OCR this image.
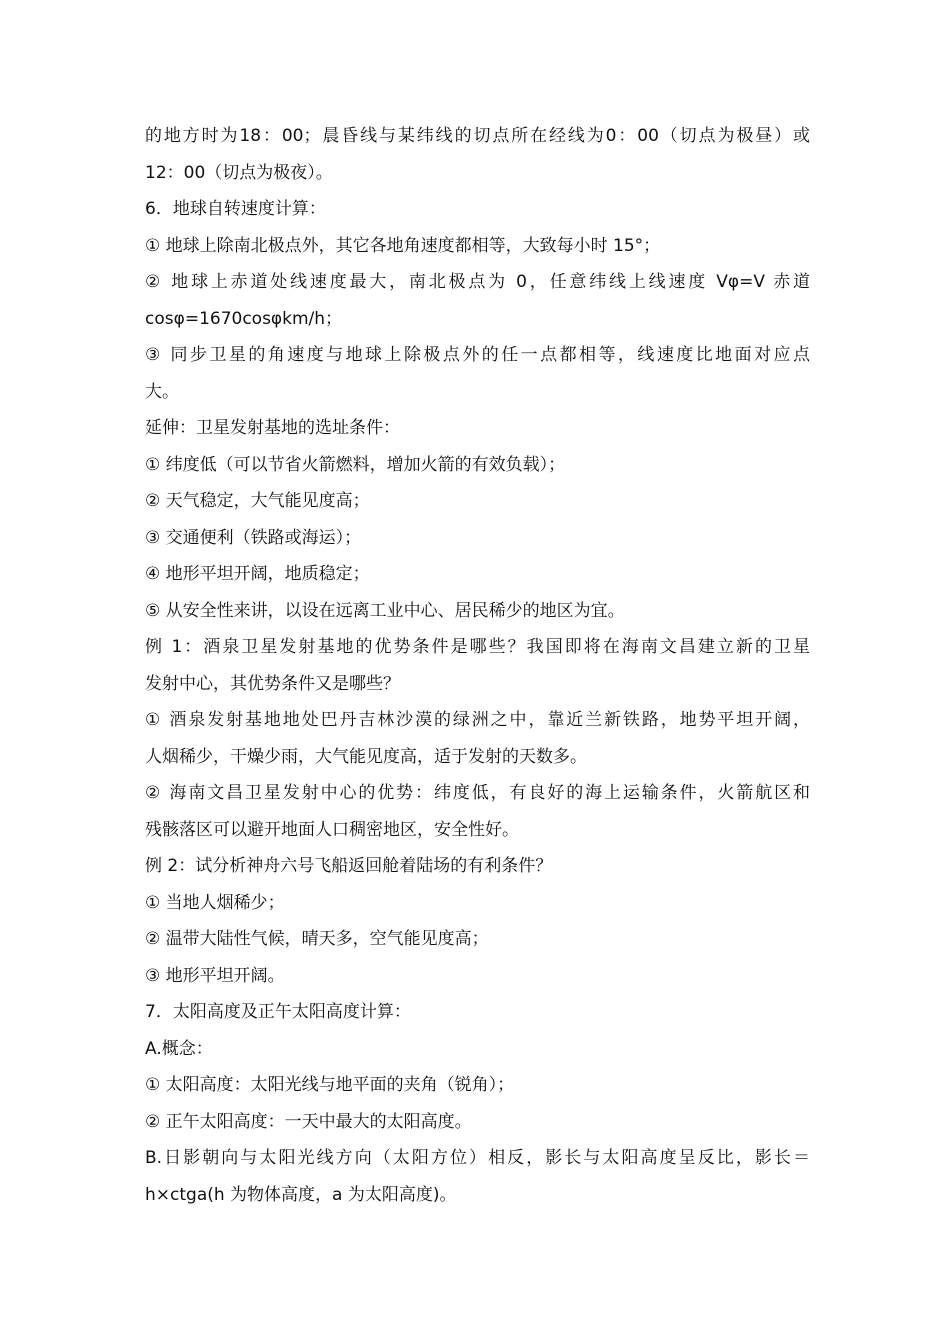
的地方时为18：00；晨昏线与某纬线的切点所在经线为0：00（切点为极昼）或
12：00（切点为极夜）。
6．地球自转速度计算：
① 地球上除南北极点外，其它各地角速度都相等，大致每小时 15°；
② 地球上赤道处线速度最大，南北极点为 0，任意纬线上线速度 Vφ=V 赤道
cosφ=1670cosφkm/h；
③ 同步卫星的角速度与地球上除极点外的任一点都相等，线速度比地面对应点
大。
延伸：卫星发射基地的选址条件：
① 纬度低（可以节省火箭燃料，增加火箭的有效负载）；
② 天气稳定，大气能见度高；
③ 交通便利（铁路或海运）；
④ 地形平坦开阔，地质稳定；
⑤ 从安全性来讲，以设在远离工业中心、居民稀少的地区为宜。
例 1：酒泉卫星发射基地的优势条件是哪些？我国即将在海南文昌建立新的卫星
发射中心，其优势条件又是哪些？
① 酒泉发射基地地处巴丹吉林沙漠的绿洲之中，靠近兰新铁路，地势平坦开阔，
人烟稀少，干燥少雨，大气能见度高，适于发射的天数多。
② 海南文昌卫星发射中心的优势：纬度低，有良好的海上运输条件，火箭航区和
残骸落区可以避开地面人口稠密地区，安全性好。
例 2：试分析神舟六号飞船返回舱着陆场的有利条件？
① 当地人烟稀少；
② 温带大陆性气候，晴天多，空气能见度高；
③ 地形平坦开阔。
7．太阳高度及正午太阳高度计算：
A.概念：
① 太阳高度：太阳光线与地平面的夹角（锐角）；
② 正午太阳高度：一天中最大的太阳高度。
B.日影朝向与太阳光线方向（太阳方位）相反，影长与太阳高度呈反比，影长＝
h×ctga(h 为物体高度，a 为太阳高度)。
